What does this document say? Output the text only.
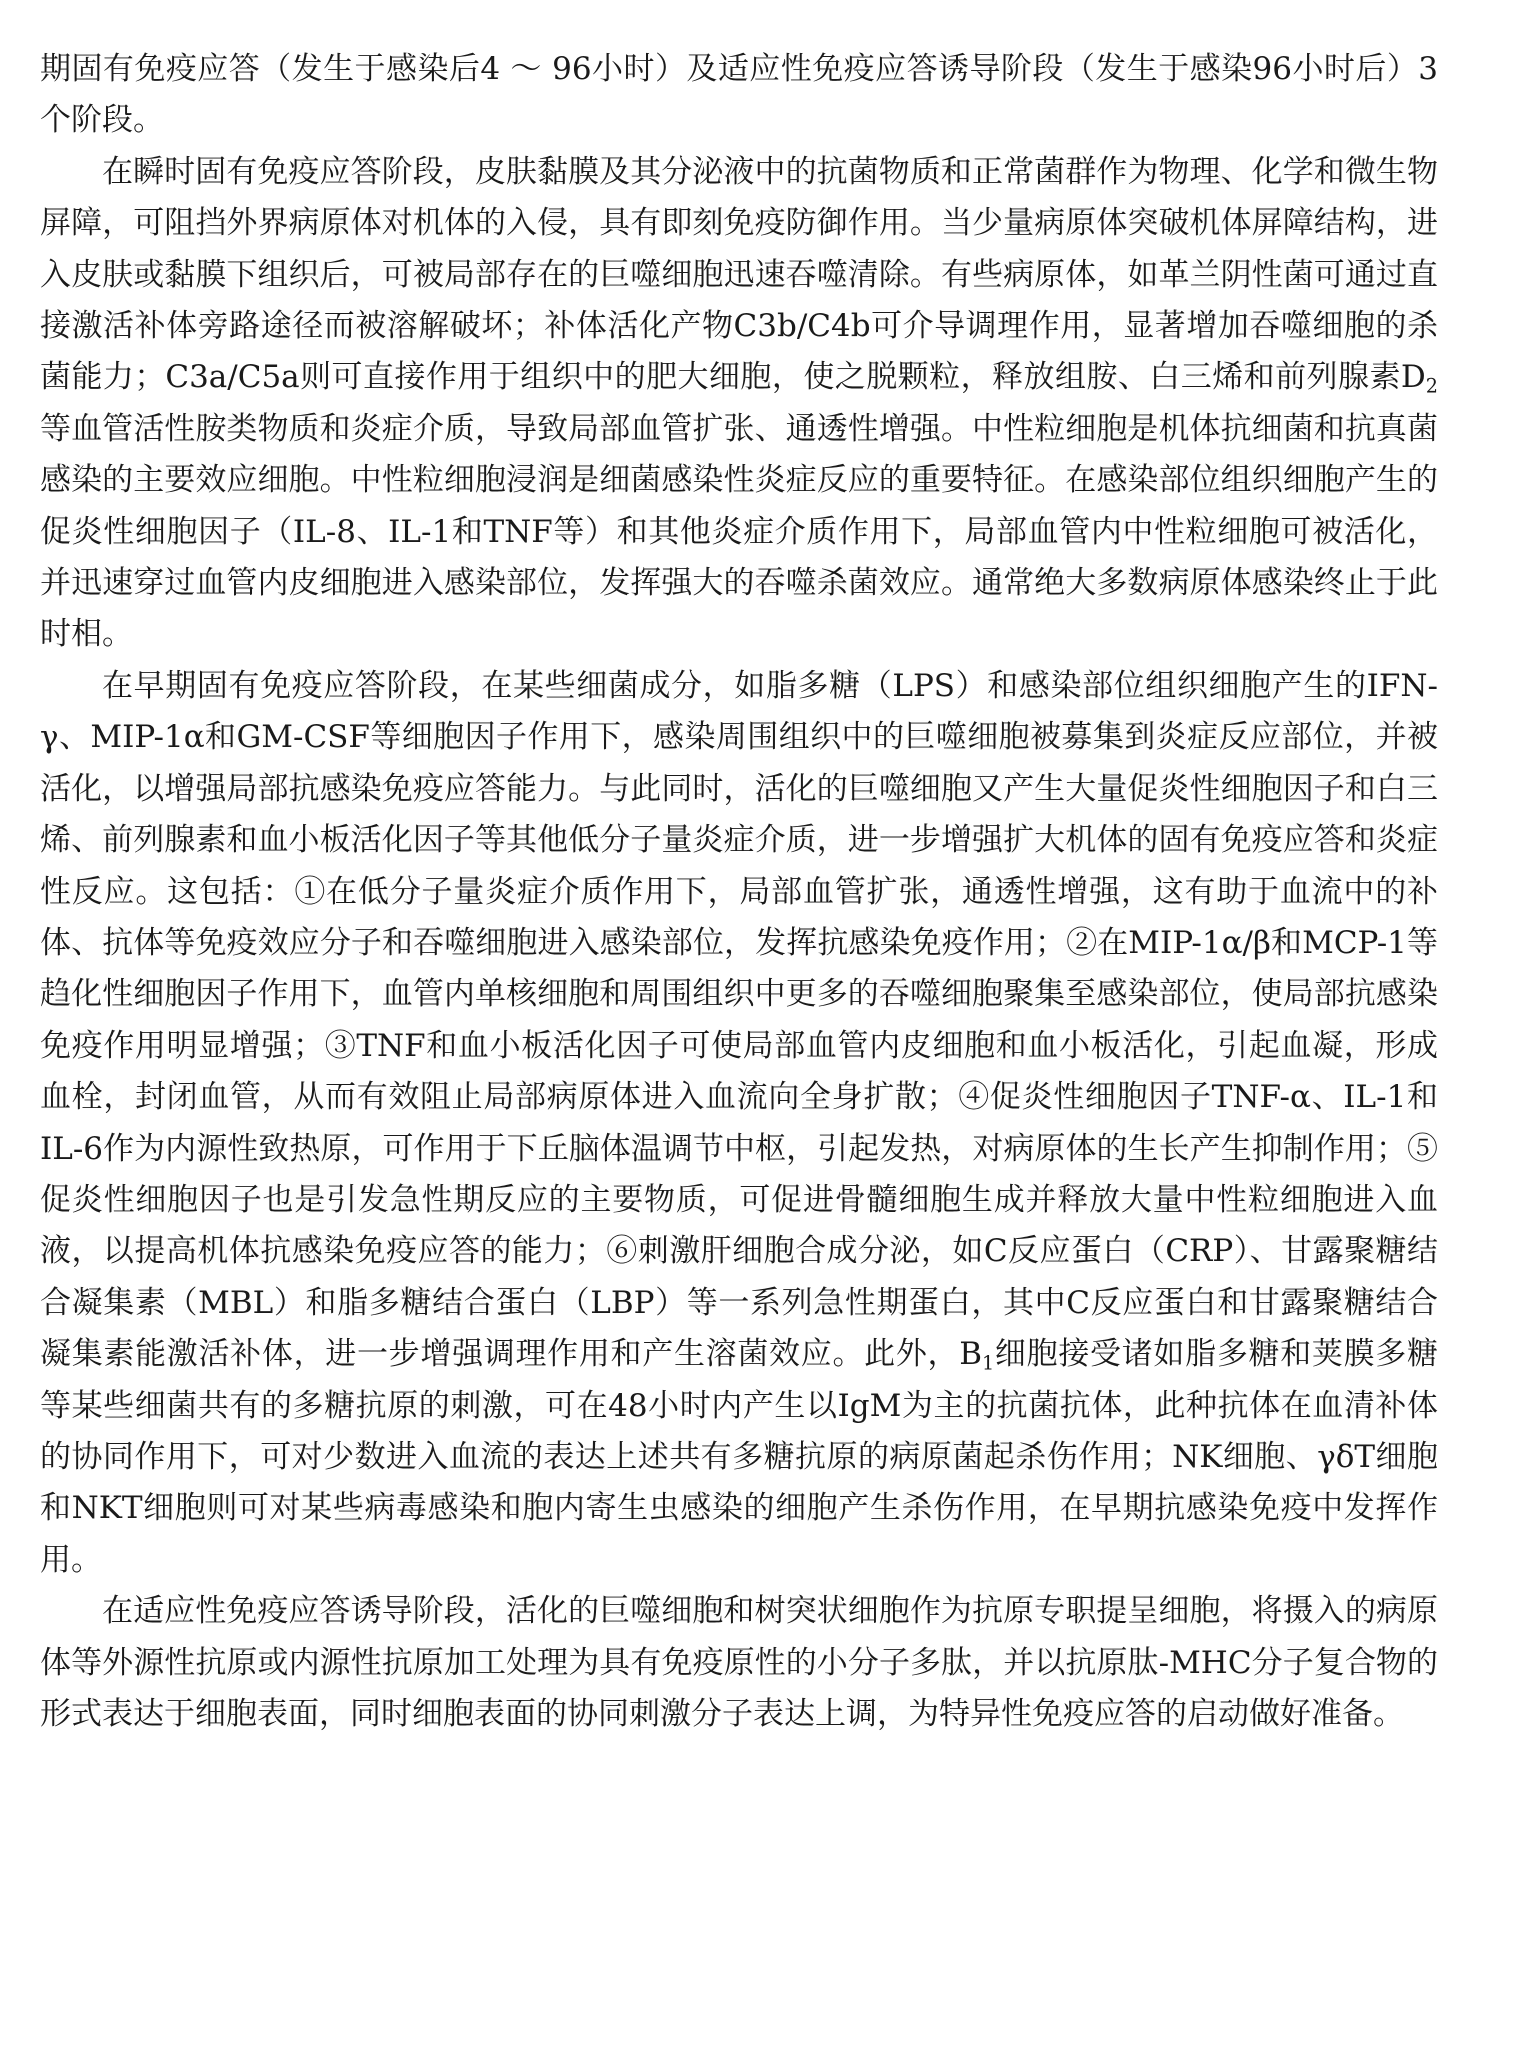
期固有免疫应答（发生于感染后4 ～ 96小时）及适应性免疫应答诱导阶段（发生于感染96小时后）3个阶段。

在瞬时固有免疫应答阶段，皮肤黏膜及其分泌液中的抗菌物质和正常菌群作为物理、化学和微生物屏障，可阻挡外界病原体对机体的入侵，具有即刻免疫防御作用。当少量病原体突破机体屏障结构，进入皮肤或黏膜下组织后，可被局部存在的巨噬细胞迅速吞噬清除。有些病原体，如革兰阴性菌可通过直接激活补体旁路途径而被溶解破坏；补体活化产物C3b/C4b可介导调理作用，显著增加吞噬细胞的杀菌能力；C3a/C5a则可直接作用于组织中的肥大细胞，使之脱颗粒，释放组胺、白三烯和前列腺素$D_2$等血管活性胺类物质和炎症介质，导致局部血管扩张、通透性增强。中性粒细胞是机体抗细菌和抗真菌感染的主要效应细胞。中性粒细胞浸润是细菌感染性炎症反应的重要特征。在感染部位组织细胞产生的促炎性细胞因子（IL-8、IL-1和TNF等）和其他炎症介质作用下，局部血管内中性粒细胞可被活化，并迅速穿过血管内皮细胞进入感染部位，发挥强大的吞噬杀菌效应。通常绝大多数病原体感染终止于此时相。

在早期固有免疫应答阶段，在某些细菌成分，如脂多糖（LPS）和感染部位组织细胞产生的IFN-γ、MIP-1α和GM-CSF等细胞因子作用下，感染周围组织中的巨噬细胞被募集到炎症反应部位，并被活化，以增强局部抗感染免疫应答能力。与此同时，活化的巨噬细胞又产生大量促炎性细胞因子和白三烯、前列腺素和血小板活化因子等其他低分子量炎症介质，进一步增强扩大机体的固有免疫应答和炎症性反应。这包括：①在低分子量炎症介质作用下，局部血管扩张，通透性增强，这有助于血流中的补体、抗体等免疫效应分子和吞噬细胞进入感染部位，发挥抗感染免疫作用；②在MIP-1α/β和MCP-1等趋化性细胞因子作用下，血管内单核细胞和周围组织中更多的吞噬细胞聚集至感染部位，使局部抗感染免疫作用明显增强；③TNF和血小板活化因子可使局部血管内皮细胞和血小板活化，引起血凝，形成血栓，封闭血管，从而有效阻止局部病原体进入血流向全身扩散；④促炎性细胞因子TNF-α、IL-1和IL-6作为内源性致热原，可作用于下丘脑体温调节中枢，引起发热，对病原体的生长产生抑制作用；⑤促炎性细胞因子也是引发急性期反应的主要物质，可促进骨髓细胞生成并释放大量中性粒细胞进入血液，以提高机体抗感染免疫应答的能力；⑥刺激肝细胞合成分泌，如C反应蛋白（CRP）、甘露聚糖结合凝集素（MBL）和脂多糖结合蛋白（LBP）等一系列急性期蛋白，其中C反应蛋白和甘露聚糖结合凝集素能激活补体，进一步增强调理作用和产生溶菌效应。此外，$B_1$细胞接受诸如脂多糖和荚膜多糖等某些细菌共有的多糖抗原的刺激，可在48小时内产生以IgM为主的抗菌抗体，此种抗体在血清补体的协同作用下，可对少数进入血流的表达上述共有多糖抗原的病原菌起杀伤作用；NK细胞、γδT细胞和NKT细胞则可对某些病毒感染和胞内寄生虫感染的细胞产生杀伤作用，在早期抗感染免疫中发挥作用。

在适应性免疫应答诱导阶段，活化的巨噬细胞和树突状细胞作为抗原专职提呈细胞，将摄入的病原体等外源性抗原或内源性抗原加工处理为具有免疫原性的小分子多肽，并以抗原肽-MHC分子复合物的形式表达于细胞表面，同时细胞表面的协同刺激分子表达上调，为特异性免疫应答的启动做好准备。
